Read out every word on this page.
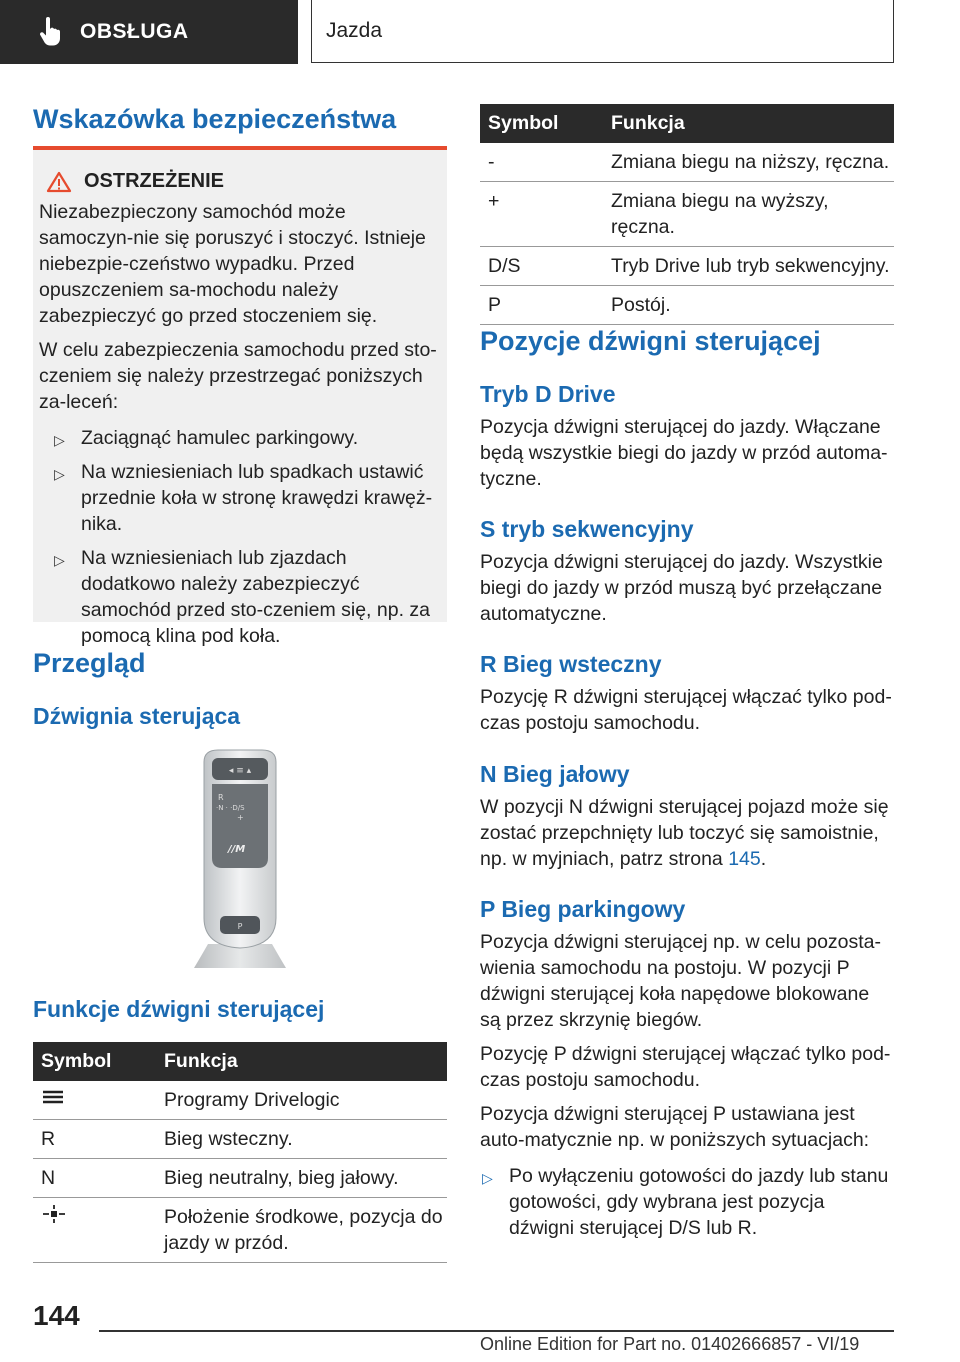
OBSŁUGA	Jazda
Wskazówka bezpieczeństwa
OSTRZEŻENIE

Niezabezpieczony samochód może samoczyn-nie się poruszyć i stoczyć. Istnieje niebezpie-czeństwo wypadku. Przed opuszczeniem sa-mochodu należy zabezpieczyć go przed stoczeniem się.

W celu zabezpieczenia samochodu przed sto-czeniem się należy przestrzegać poniższych za-leceń:

▷ Zaciągnąć hamulec parkingowy.
▷ Na wzniesieniach lub spadkach ustawić przednie koła w stronę krawędzi krawęż-nika.
▷ Na wzniesieniach lub zjazdach dodatkowo należy zabezpieczyć samochód przed sto-czeniem się, np. za pomocą klina pod koła.
Przegląd
Dźwignia sterująca
◂ ≡ ▴
R
·N · ·D/S
+
//M
P
Funkcje dźwigni sterującej
Symbol	Funkcja
	Programy Drivelogic
R	Bieg wsteczny.
N	Bieg neutralny, bieg jałowy.
	Położenie środkowe, pozycja do jazdy w przód.
Symbol	Funkcja
-	Zmiana biegu na niższy, ręczna.
+	Zmiana biegu na wyższy, ręczna.
D/S	Tryb Drive lub tryb sekwencyjny.
P	Postój.
Pozycje dźwigni sterującej
Tryb D Drive

Pozycja dźwigni sterującej do jazdy. Włączane będą wszystkie biegi do jazdy w przód automa-tyczne.

S tryb sekwencyjny

Pozycja dźwigni sterującej do jazdy. Wszystkie biegi do jazdy w przód muszą być przełączane automatyczne.

R Bieg wsteczny

Pozycję R dźwigni sterującej włączać tylko pod-czas postoju samochodu.

N Bieg jałowy

W pozycji N dźwigni sterującej pojazd może się zostać przepchnięty lub toczyć się samoistnie, np. w myjniach, patrz strona 145.

P Bieg parkingowy

Pozycja dźwigni sterującej np. w celu pozosta-wienia samochodu na postoju. W pozycji P dźwigni sterującej koła napędowe blokowane są przez skrzynię biegów.

Pozycję P dźwigni sterującej włączać tylko pod-czas postoju samochodu.

Pozycja dźwigni sterującej P ustawiana jest auto-matycznie np. w poniższych sytuacjach:

▷ Po wyłączeniu gotowości do jazdy lub stanu gotowości, gdy wybrana jest pozycja dźwigni sterującej D/S lub R.
144
Online Edition for Part no. 01402666857 - VI/19
